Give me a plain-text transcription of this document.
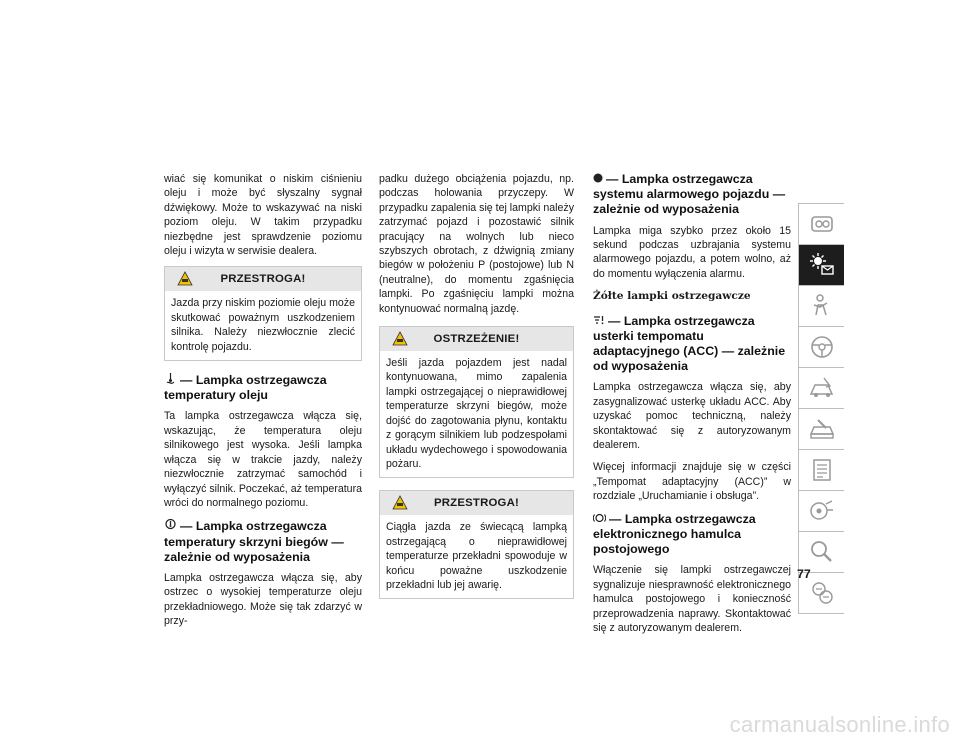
wiać się komunikat o niskim ciśnieniu oleju i może być słyszalny sygnał dźwiękowy. Może to wskazywać na niski poziom oleju. W takim przypadku niezbędne jest sprawdzenie poziomu oleju i wizyta w serwisie dealera.

PRZESTROGA!
Jazda przy niskim poziomie oleju może skutkować poważnym uszkodzeniem silnika. Należy niezwłocznie zlecić kontrolę pojazdu.
— Lampka ostrzegawcza temperatury oleju

Ta lampka ostrzegawcza włącza się, wskazując, że temperatura oleju silnikowego jest wysoka. Jeśli lampka włącza się w trakcie jazdy, należy niezwłocznie zatrzymać samochód i wyłączyć silnik. Poczekać, aż temperatura wróci do normalnego poziomu.

— Lampka ostrzegawcza temperatury skrzyni biegów — zależnie od wyposażenia

Lampka ostrzegawcza włącza się, aby ostrzec o wysokiej temperaturze oleju przekładniowego. Może się tak zdarzyć w przy-

padku dużego obciążenia pojazdu, np. podczas holowania przyczepy. W przypadku zapalenia się tej lampki należy zatrzymać pojazd i pozostawić silnik pracujący na wolnych lub nieco szybszych obrotach, z dźwignią zmiany biegów w położeniu P (postojowe) lub N (neutralne), do momentu zgaśnięcia lampki. Po zgaśnięciu lampki można kontynuować normalną jazdę.

OSTRZEŻENIE!
Jeśli jazda pojazdem jest nadal kontynuowana, mimo zapalenia lampki ostrzegającej o nieprawidłowej temperaturze skrzyni biegów, może dojść do zagotowania płynu, kontaktu z gorącym silnikiem lub podzespołami układu wydechowego i spowodowania pożaru.
PRZESTROGA!
Ciągła jazda ze świecącą lampką ostrzegającą o nieprawidłowej temperaturze przekładni spowoduje w końcu poważne uszkodzenie przekładni lub jej awarię.
— Lampka ostrzegawcza systemu alarmowego pojazdu — zależnie od wyposażenia

Lampka miga szybko przez około 15 sekund podczas uzbrajania systemu alarmowego pojazdu, a potem wolno, aż do momentu wyłączenia alarmu.

Żółte lampki ostrzegawcze
— Lampka ostrzegawcza usterki tempomatu adaptacyjnego (ACC) — zależnie od wyposażenia

Lampka ostrzegawcza włącza się, aby zasygnalizować usterkę układu ACC. Aby uzyskać pomoc techniczną, należy skontaktować się z autoryzowanym dealerem.

Więcej informacji znajduje się w części „Tempomat adaptacyjny (ACC)” w rozdziale „Uruchamianie i obsługa”.

— Lampka ostrzegawcza elektronicznego hamulca postojowego

Włączenie się lampki ostrzegawczej sygnalizuje niesprawność elektronicznego hamulca postojowego i konieczność przeprowadzenia naprawy. Skontaktować się z autoryzowanym dealerem.

77
carmanualsonline.info
